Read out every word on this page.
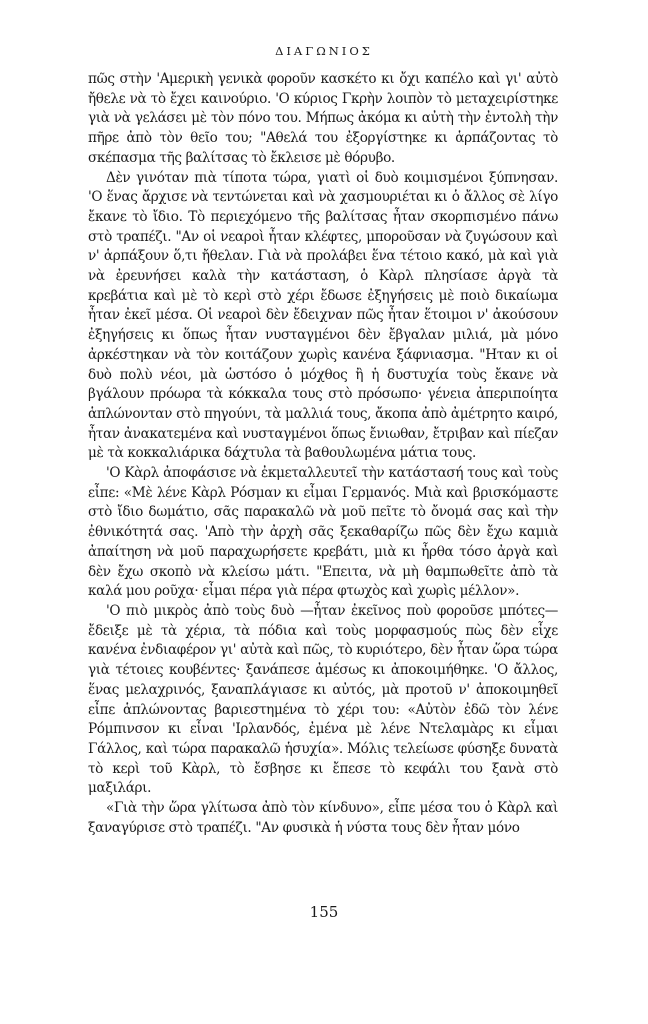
ΔΙΑΓΩΝΙΟΣ

πῶς στὴν 'Αμερικὴ γενικὰ φοροῦν κασκέτο κι ὄχι καπέλο καὶ γι' αὐτὸ ἤθελε νὰ τὸ ἔχει καινούριο. 'Ο κύριος Γκρὴν λοιπὸν τὸ μεταχειρίστηκε γιὰ νὰ γελάσει μὲ τὸν πόνο του. Μήπως ἀκόμα κι αὐτὴ τὴν ἐντολὴ τὴν πῆρε ἀπὸ τὸν θεῖο του; "Αθελά του ἐξοργίστηκε κι ἁρπάζοντας τὸ σκέπασμα τῆς βαλίτσας τὸ ἔκλεισε μὲ θόρυβο.

Δὲν γινόταν πιὰ τίποτα τώρα, γιατὶ οἱ δυὸ κοιμισμένοι ξύπνησαν. 'Ο ἕνας ἄρχισε νὰ τεντώνεται καὶ νὰ χασμουριέται κι ὁ ἄλλος σὲ λίγο ἔκανε τὸ ἴδιο. Τὸ περιεχόμενο τῆς βαλίτσας ἦταν σκορπισμένο πάνω στὸ τραπέζι. "Αν οἱ νεαροὶ ἦταν κλέφτες, μποροῦσαν νὰ ζυγώσουν καὶ ν' ἁρπάξουν ὅ,τι ἤθελαν. Γιὰ νὰ προλάβει ἕνα τέτοιο κακό, μὰ καὶ γιὰ νὰ ἐρευνήσει καλὰ τὴν κατάσταση, ὁ Κὰρλ πλησίασε ἀργὰ τὰ κρεβάτια καὶ μὲ τὸ κερὶ στὸ χέρι ἔδωσε ἐξηγήσεις μὲ ποιὸ δικαίωμα ἦταν ἐκεῖ μέσα. Οἱ νεαροὶ δὲν ἔδειχναν πῶς ἦταν ἕτοιμοι ν' ἀκούσουν ἐξηγήσεις κι ὅπως ἦταν νυσταγμένοι δὲν ἔβγαλαν μιλιά, μὰ μόνο ἀρκέστηκαν νὰ τὸν κοιτάζουν χωρὶς κανένα ξάφνιασμα. "Ηταν κι οἱ δυὸ πολὺ νέοι, μὰ ὡστόσο ὁ μόχθος ἢ ἡ δυστυχία τοὺς ἔκανε νὰ βγάλουν πρόωρα τὰ κόκκαλα τους στὸ πρόσωπο· γένεια ἀπεριποίητα ἁπλώνονταν στὸ πηγούνι, τὰ μαλλιά τους, ἄκοπα ἀπὸ ἀμέτρητο καιρό, ἦταν ἀνακατεμένα καὶ νυσταγμένοι ὅπως ἔνιωθαν, ἔτριβαν καὶ πίεζαν μὲ τὰ κοκκαλιάρικα δάχτυλα τὰ βαθουλωμένα μάτια τους.

'Ο Κὰρλ ἀποφάσισε νὰ ἐκμεταλλευτεῖ τὴν κατάστασή τους καὶ τοὺς εἶπε: «Μὲ λένε Κὰρλ Ρόσμαν κι εἶμαι Γερμανός. Μιὰ καὶ βρισκόμαστε στὸ ἴδιο δωμάτιο, σᾶς παρακαλῶ νὰ μοῦ πεῖτε τὸ ὄνομά σας καὶ τὴν ἐθνικότητά σας. 'Απὸ τὴν ἀρχὴ σᾶς ξεκαθαρίζω πῶς δὲν ἔχω καμιὰ ἀπαίτηση νὰ μοῦ παραχωρήσετε κρεβάτι, μιὰ κι ἦρθα τόσο ἀργὰ καὶ δὲν ἔχω σκοπὸ νὰ κλείσω μάτι. "Επειτα, νὰ μὴ θαμπωθεῖτε ἀπὸ τὰ καλά μου ροῦχα· εἶμαι πέρα γιὰ πέρα φτωχὸς καὶ χωρὶς μέλλον».

'Ο πιὸ μικρὸς ἀπὸ τοὺς δυὸ —ἦταν ἐκεῖνος ποὺ φοροῦσε μπότες— ἔδειξε μὲ τὰ χέρια, τὰ πόδια καὶ τοὺς μορφασμούς πὼς δὲν εἶχε κανένα ἐνδιαφέρον γι' αὐτὰ καὶ πῶς, τὸ κυριότερο, δὲν ἦταν ὥρα τώρα γιὰ τέτοιες κουβέντες· ξανάπεσε ἀμέσως κι ἀποκοιμήθηκε. 'Ο ἄλλος, ἕνας μελαχρινός, ξαναπλάγιασε κι αὐτός, μὰ προτοῦ ν' ἀποκοιμηθεῖ εἶπε ἁπλώνοντας βαριεστημένα τὸ χέρι του: «Αὐτὸν ἐδῶ τὸν λένε Ρόμπινσον κι εἶναι 'Ιρλανδός, ἐμένα μὲ λένε Ντελαμὰρς κι εἶμαι Γάλλος, καὶ τώρα παρακαλῶ ἡσυχία». Μόλις τελείωσε φύσηξε δυνατὰ τὸ κερὶ τοῦ Κὰρλ, τὸ ἔσβησε κι ἔπεσε τὸ κεφάλι του ξανὰ στὸ μαξιλάρι.

«Γιὰ τὴν ὥρα γλίτωσα ἀπὸ τὸν κίνδυνο», εἶπε μέσα του ὁ Κὰρλ καὶ ξαναγύρισε στὸ τραπέζι. "Αν φυσικὰ ἡ νύστα τους δὲν ἦταν μόνο

155
